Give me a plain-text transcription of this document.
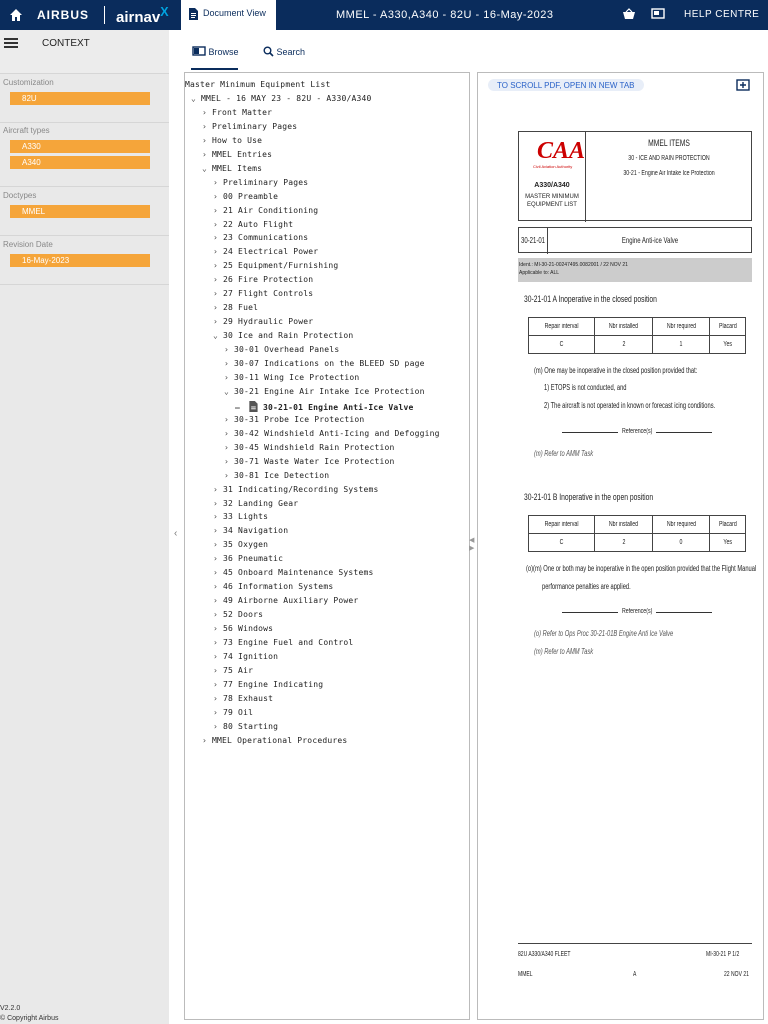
AIRBUS airnav$^X$	Document View	MMEL - A330,A340 - 82U - 16-May-2023	HELP CENTRE
CONTEXT
Customization
82U
Aircraft types
A330
A340
Doctypes
MMEL
Revision Date
16-May-2023
V2.2.0
© Copyright Airbus
‹
Browse	Search
Master Minimum Equipment List
⌄ MMEL - 16 MAY 23 - 82U - A330/A340
› Front Matter
› Preliminary Pages
› How to Use
› MMEL Entries
⌄ MMEL Items
› Preliminary Pages
› 00 Preamble
› 21 Air Conditioning
› 22 Auto Flight
› 23 Communications
› 24 Electrical Power
› 25 Equipment/Furnishing
› 26 Fire Protection
› 27 Flight Controls
› 28 Fuel
› 29 Hydraulic Power
⌄ 30 Ice and Rain Protection
› 30-01 Overhead Panels
› 30-07 Indications on the BLEED SD page
› 30-11 Wing Ice Protection
⌄ 30-21 Engine Air Intake Ice Protection
—	30-21-01 Engine Anti-Ice Valve
› 30-31 Probe Ice Protection
› 30-42 Windshield Anti-Icing and Defogging
› 30-45 Windshield Rain Protection
› 30-71 Waste Water Ice Protection
› 30-81 Ice Detection
› 31 Indicating/Recording Systems
› 32 Landing Gear
› 33 Lights
› 34 Navigation
› 35 Oxygen
› 36 Pneumatic
› 45 Onboard Maintenance Systems
› 46 Information Systems
› 49 Airborne Auxiliary Power
› 52 Doors
› 56 Windows
› 73 Engine Fuel and Control
› 74 Ignition
› 75 Air
› 77 Engine Indicating
› 78 Exhaust
› 79 Oil
› 80 Starting
› MMEL Operational Procedures
◀
▶
TO SCROLL PDF, OPEN IN NEW TAB
CAA
Civil Aviation Authority
A330/A340
MASTER MINIMUM
EQUIPMENT LIST
MMEL ITEMS
30 - ICE AND RAIN PROTECTION
30-21 - Engine Air Intake Ice Protection
30-21-01	Engine Anti-ice Valve
Ident.: MI-30-21-00247495.0082001 / 22 NOV 21
Applicable to: ALL
30-21-01 A Inoperative in the closed position
Repair interval	Nbr installed	Nbr required	Placard
C	2	1	Yes
(m) One may be inoperative in the closed position provided that:
1) ETOPS is not conducted, and
2) The aircraft is not operated in known or forecast icing conditions.
Reference(s)
(m) Refer to AMM Task
30-21-01 B Inoperative in the open position
Repair interval	Nbr installed	Nbr required	Placard
C	2	0	Yes
(o)(m) One or both may be inoperative in the open position provided that the Flight Manual
performance penalties are applied.
Reference(s)
(o) Refer to Ops Proc 30-21-01B Engine Anti Ice Valve
(m) Refer to AMM Task
82U A330/A340 FLEET	MI-30-21 P 1/2
MMEL	A	22 NOV 21
